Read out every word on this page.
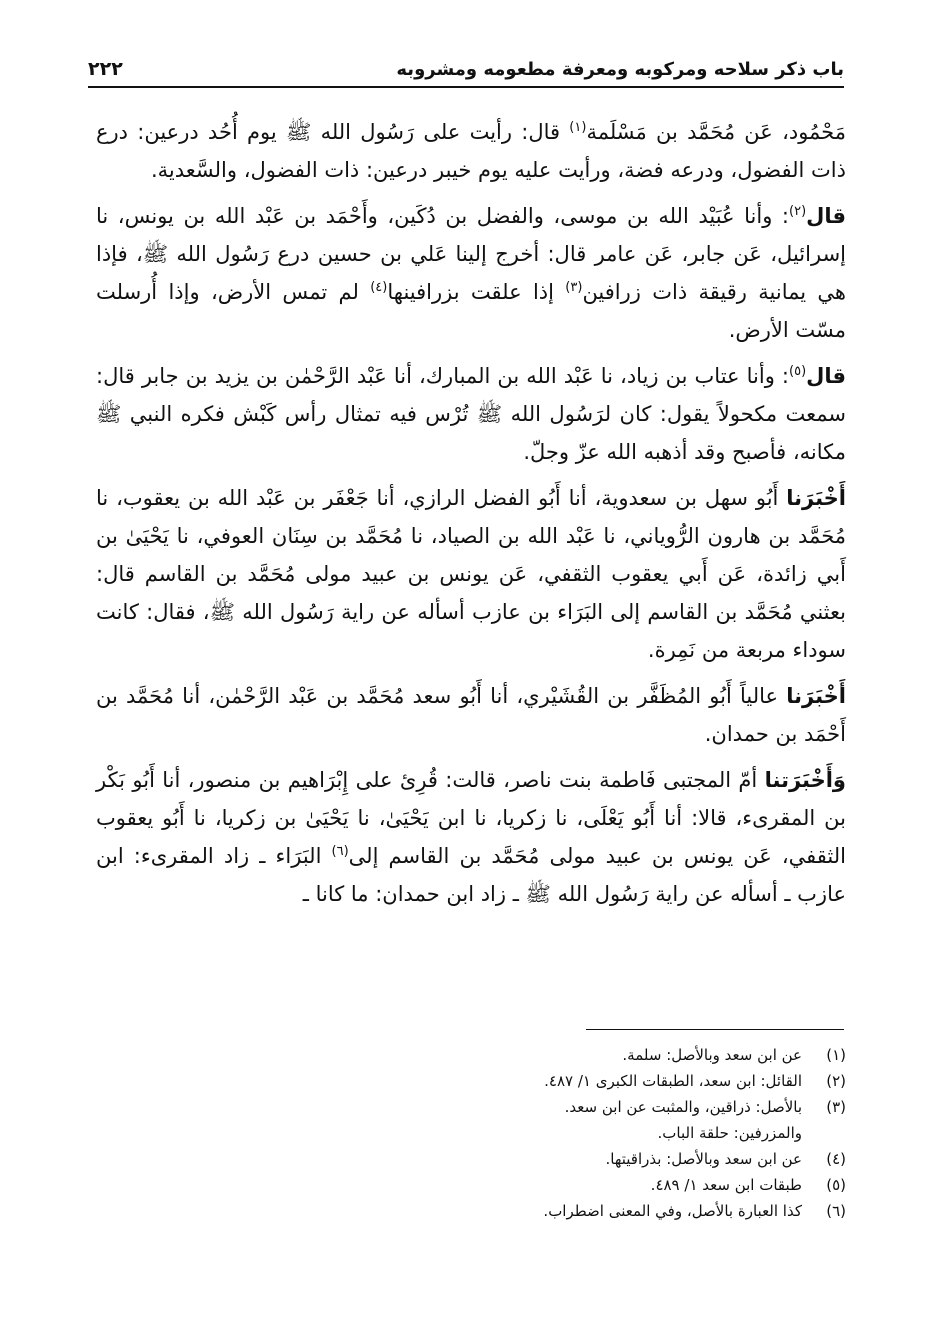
باب ذكر سلاحه ومركوبه ومعرفة مطعومه ومشروبه
٢٢٢

مَحْمُود، عَن مُحَمَّد بن مَسْلَمة$^{(١)}$ قال: رأيت على رَسُول الله ﷺ يوم أُحُد درعين: درع ذات الفضول، ودرعه فضة، ورأيت عليه يوم خيبر درعين: ذات الفضول، والسَّعدية.

قال$^{(٢)}$: وأنا عُبَيْد الله بن موسى، والفضل بن دُكَين، وأَحْمَد بن عَبْد الله بن يونس، نا إسرائيل، عَن جابر، عَن عامر قال: أخرج إلينا عَلي بن حسين درع رَسُول الله ﷺ، فإذا هي يمانية رقيقة ذات زرافين$^{(٣)}$ إذا علقت بزرافينها$^{(٤)}$ لم تمس الأرض، وإذا أُرسلت مسّت الأرض.

قال$^{(٥)}$: وأنا عتاب بن زياد، نا عَبْد الله بن المبارك، أنا عَبْد الرَّحْمٰن بن يزيد بن جابر قال: سمعت مكحولاً يقول: كان لرَسُول الله ﷺ تُرْس فيه تمثال رأس كَبْش فكره النبي ﷺ مكانه، فأصبح وقد أذهبه الله عزّ وجلّ.

أَخْبَرَنا أَبُو سهل بن سعدوية، أنا أَبُو الفضل الرازي، أنا جَعْفَر بن عَبْد الله بن يعقوب، نا مُحَمَّد بن هارون الرُّوياني، نا عَبْد الله بن الصياد، نا مُحَمَّد بن سِنَان العوفي، نا يَحْيَىٰ بن أَبي زائدة، عَن أَبي يعقوب الثقفي، عَن يونس بن عبيد مولى مُحَمَّد بن القاسم قال: بعثني مُحَمَّد بن القاسم إلى البَرَاء بن عازب أسأله عن راية رَسُول الله ﷺ، فقال: كانت سوداء مربعة من نَمِرة.

أَخْبَرَنا عالياً أَبُو المُظَفَّر بن القُشَيْري، أنا أَبُو سعد مُحَمَّد بن عَبْد الرَّحْمٰن، أنا مُحَمَّد بن أَحْمَد بن حمدان.

وَأَخْبَرَتنا أمّ المجتبى فَاطمة بنت ناصر، قالت: قُرِئ على إِبْرَاهيم بن منصور، أنا أَبُو بَكْر بن المقرىء، قالا: أنا أَبُو يَعْلَى، نا زكريا، نا ابن يَحْيَىٰ، نا يَحْيَىٰ بن زكريا، نا أَبُو يعقوب الثقفي، عَن يونس بن عبيد مولى مُحَمَّد بن القاسم إلى$^{(٦)}$ البَرَاء ـ زاد المقرىء: ابن عازب ـ أسأله عن راية رَسُول الله ﷺ ـ زاد ابن حمدان: ما كانا ـ

(١)
عن ابن سعد وبالأصل: سلمة.
(٢)
القائل: ابن سعد، الطبقات الكبرى ١/ ٤٨٧.
(٣)
بالأصل: ذراقين، والمثبت عن ابن سعد.
والمزرفين: حلقة الباب.
(٤)
عن ابن سعد وبالأصل: بذراقيتها.
(٥)
طبقات ابن سعد ١/ ٤٨٩.
(٦)
كذا العبارة بالأصل، وفي المعنى اضطراب.
